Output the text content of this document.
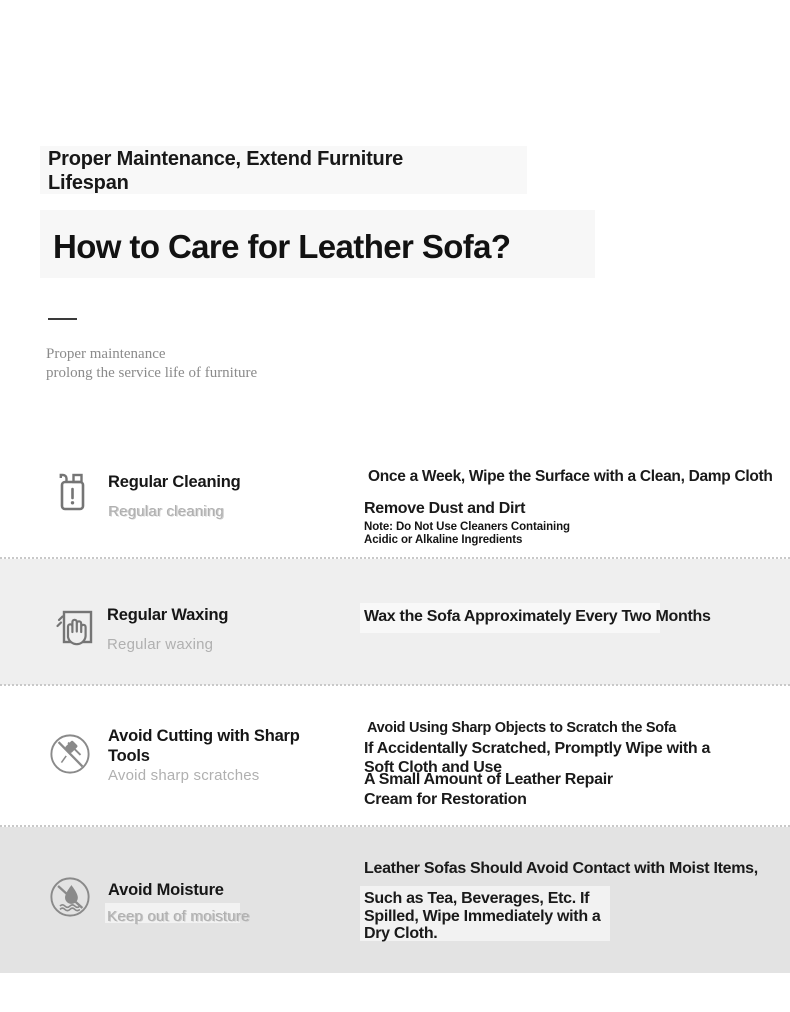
Proper Maintenance, Extend Furniture
Lifespan
How to Care for Leather Sofa?
Proper maintenance
prolong the service life of furniture
Regular Cleaning
Regular cleaning
Once a Week, Wipe the Surface with a Clean, Damp Cloth
Remove Dust and Dirt
Note: Do Not Use Cleaners Containing
Acidic or Alkaline Ingredients
Regular Waxing
Regular waxing
Wax the Sofa Approximately Every Two Months
Avoid Cutting with Sharp Tools
Avoid sharp scratches
Avoid Using Sharp Objects to Scratch the Sofa
If Accidentally Scratched, Promptly Wipe with a
Soft Cloth and Use
A Small Amount of Leather Repair
Cream for Restoration
Avoid Moisture
Keep out of moisture
Leather Sofas Should Avoid Contact with Moist Items,
Such as Tea, Beverages, Etc. If
Spilled, Wipe Immediately with a
Dry Cloth.
